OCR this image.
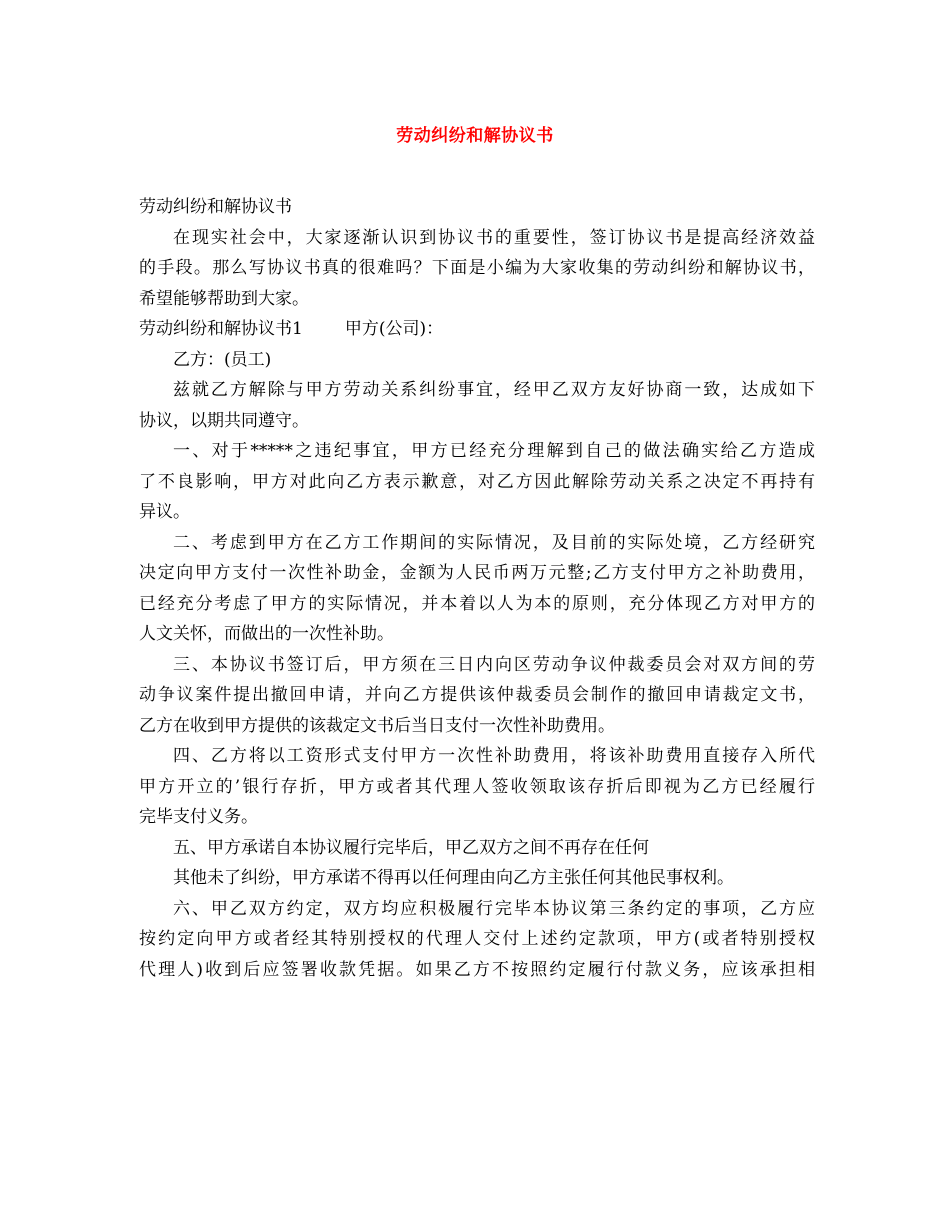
劳动纠纷和解协议书
劳动纠纷和解协议书
在现实社会中，大家逐渐认识到协议书的重要性，签订协议书是提高经济效益
的手段。那么写协议书真的很难吗？下面是小编为大家收集的劳动纠纷和解协议书，
希望能够帮助到大家。
劳动纠纷和解协议书1 甲方(公司)：
乙方：(员工)
兹就乙方解除与甲方劳动关系纠纷事宜，经甲乙双方友好协商一致，达成如下
协议，以期共同遵守。
一、对于*****之违纪事宜，甲方已经充分理解到自己的做法确实给乙方造成
了不良影响，甲方对此向乙方表示歉意，对乙方因此解除劳动关系之决定不再持有
异议。
二、考虑到甲方在乙方工作期间的实际情况，及目前的实际处境，乙方经研究
决定向甲方支付一次性补助金，金额为人民币两万元整;乙方支付甲方之补助费用，
已经充分考虑了甲方的实际情况，并本着以人为本的原则，充分体现乙方对甲方的
人文关怀，而做出的一次性补助。
三、本协议书签订后，甲方须在三日内向区劳动争议仲裁委员会对双方间的劳
动争议案件提出撤回申请，并向乙方提供该仲裁委员会制作的撤回申请裁定文书，
乙方在收到甲方提供的该裁定文书后当日支付一次性补助费用。
四、乙方将以工资形式支付甲方一次性补助费用，将该补助费用直接存入所代
甲方开立的’银行存折，甲方或者其代理人签收领取该存折后即视为乙方已经履行
完毕支付义务。
五、甲方承诺自本协议履行完毕后，甲乙双方之间不再存在任何
其他未了纠纷，甲方承诺不得再以任何理由向乙方主张任何其他民事权利。
六、甲乙双方约定，双方均应积极履行完毕本协议第三条约定的事项，乙方应
按约定向甲方或者经其特别授权的代理人交付上述约定款项，甲方(或者特别授权
代理人)收到后应签署收款凭据。如果乙方不按照约定履行付款义务，应该承担相
